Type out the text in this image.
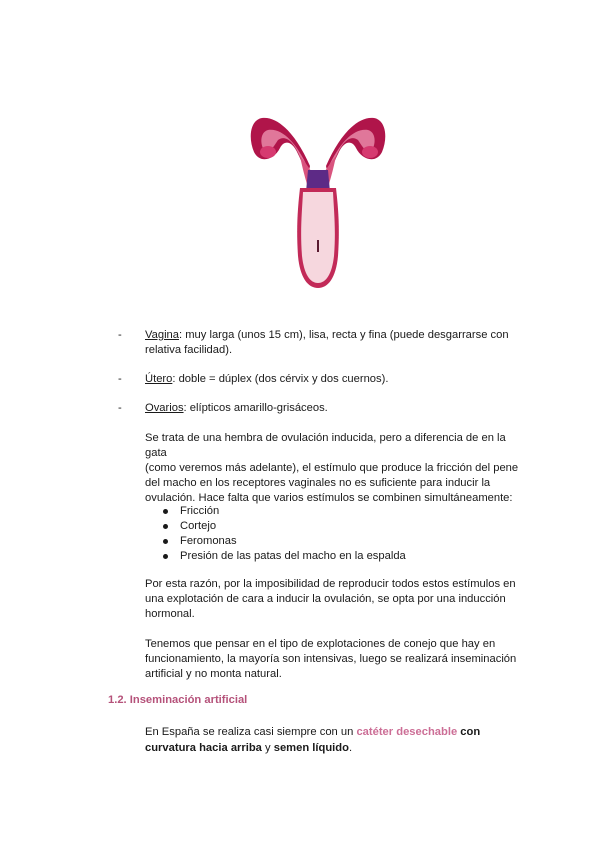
- Vagina: muy larga (unos 15 cm), lisa, recta y fina (puede desgarrarse con
relativa facilidad).
- Útero: doble = dúplex (dos cérvix y dos cuernos).
- Ovarios: elípticos amarillo-grisáceos.
Se trata de una hembra de ovulación inducida, pero a diferencia de en la gata
(como veremos más adelante), el estímulo que produce la fricción del pene
del macho en los receptores vaginales no es suficiente para inducir la
ovulación. Hace falta que varios estímulos se combinen simultáneamente:
Fricción
Cortejo
Feromonas
Presión de las patas del macho en la espalda
Por esta razón, por la imposibilidad de reproducir todos estos estímulos en
una explotación de cara a inducir la ovulación, se opta por una inducción
hormonal.
Tenemos que pensar en el tipo de explotaciones de conejo que hay en
funcionamiento, la mayoría son intensivas, luego se realizará inseminación
artificial y no monta natural.
1.2. Inseminación artificial
En España se realiza casi siempre con un catéter desechable con
curvatura hacia arriba y semen líquido.
